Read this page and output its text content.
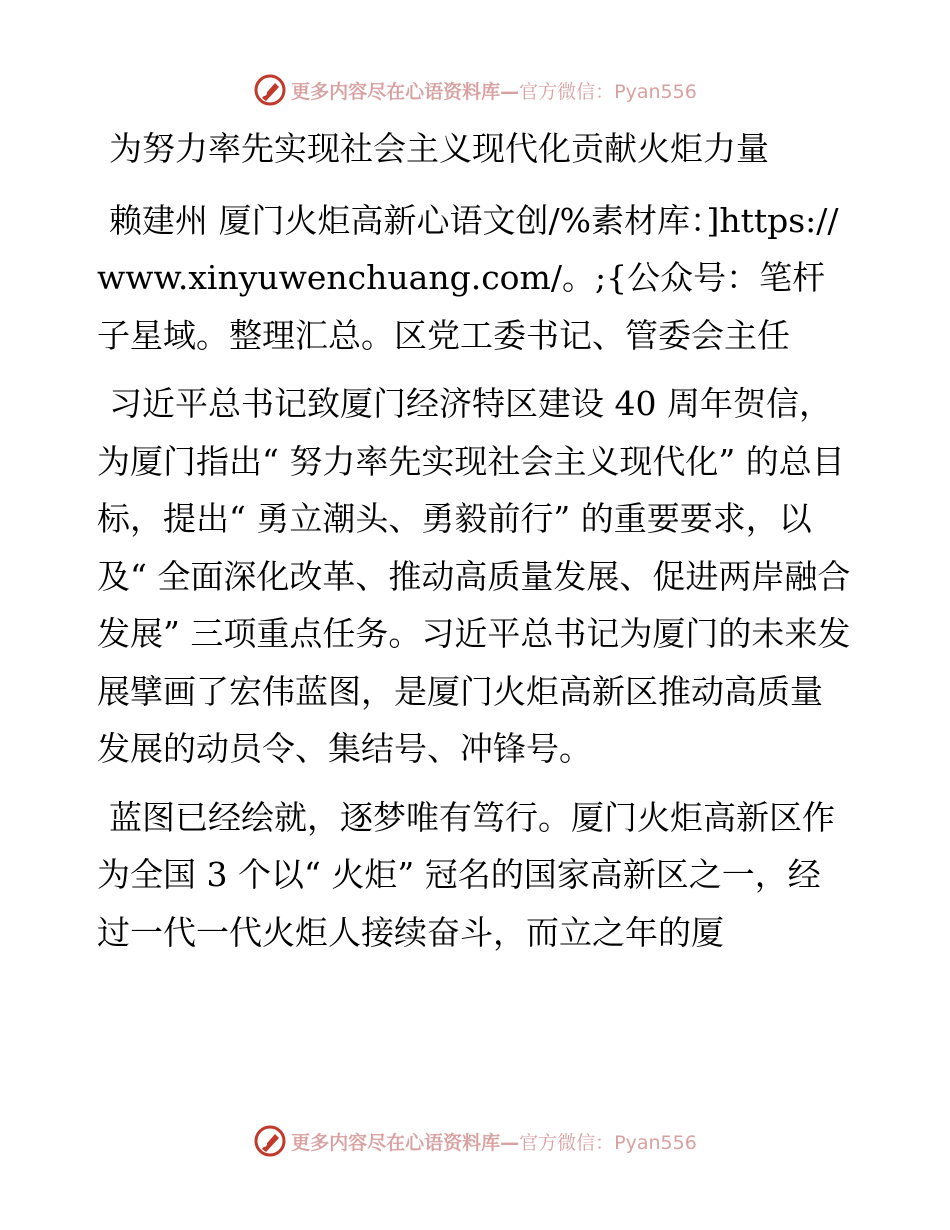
更多内容尽在心语资料库— 官方微信：Pyan556

为努力率先实现社会主义现代化贡献火炬力量

赖建州 厦门火炬高新心语文创/%素材库：]https://www.xinyuwenchuang.com/。;{公众号：笔杆子星域。整理汇总。区党工委书记、管委会主任

习近平总书记致厦门经济特区建设 40 周年贺信，为厦门指出“ 努力率先实现社会主义现代化” 的总目标，提出“ 勇立潮头、勇毅前行” 的重要要求，以及“ 全面深化改革、推动高质量发展、促进两岸融合发展” 三项重点任务。习近平总书记为厦门的未来发展擘画了宏伟蓝图，是厦门火炬高新区推动高质量发展的动员令、集结号、冲锋号。

蓝图已经绘就，逐梦唯有笃行。厦门火炬高新区作为全国 3 个以“ 火炬” 冠名的国家高新区之一，经过一代一代火炬人接续奋斗，而立之年的厦

更多内容尽在心语资料库— 官方微信：Pyan556
